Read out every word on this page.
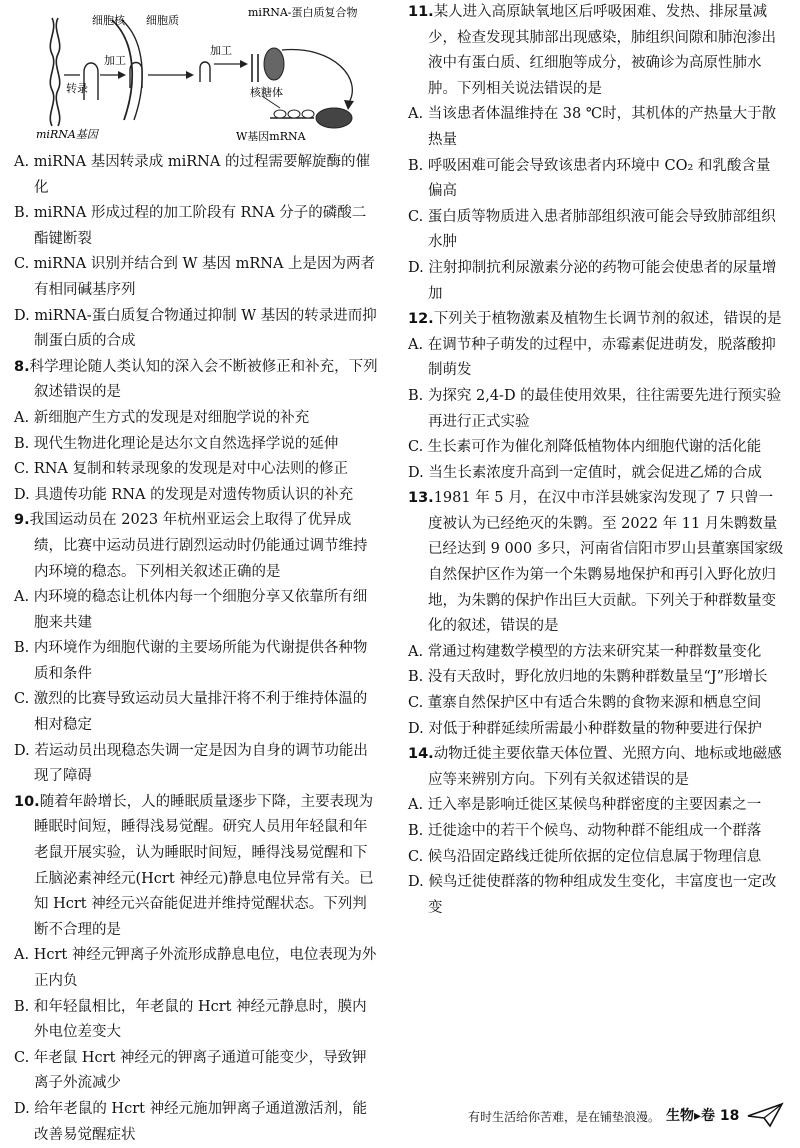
转录
细胞核 细胞质
加工
加工
miRNA-蛋白质复合物
核糖体
miRNA基因	W基因mRNA

A. miRNA 基因转录成 miRNA 的过程需要解旋酶的催化

B. miRNA 形成过程的加工阶段有 RNA 分子的磷酸二酯键断裂

C. miRNA 识别并结合到 W 基因 mRNA 上是因为两者有相同碱基序列

D. miRNA-蛋白质复合物通过抑制 W 基因的转录进而抑制蛋白质的合成

8.科学理论随人类认知的深入会不断被修正和补充，下列叙述错误的是

A. 新细胞产生方式的发现是对细胞学说的补充

B. 现代生物进化理论是达尔文自然选择学说的延伸

C. RNA 复制和转录现象的发现是对中心法则的修正

D. 具遗传功能 RNA 的发现是对遗传物质认识的补充

9.我国运动员在 2023 年杭州亚运会上取得了优异成绩，比赛中运动员进行剧烈运动时仍能通过调节维持内环境的稳态。下列相关叙述正确的是

A. 内环境的稳态让机体内每一个细胞分享又依靠所有细胞来共建

B. 内环境作为细胞代谢的主要场所能为代谢提供各种物质和条件

C. 激烈的比赛导致运动员大量排汗将不利于维持体温的相对稳定

D. 若运动员出现稳态失调一定是因为自身的调节功能出现了障碍

10.随着年龄增长，人的睡眠质量逐步下降，主要表现为睡眠时间短，睡得浅易觉醒。研究人员用年轻鼠和年老鼠开展实验，认为睡眠时间短，睡得浅易觉醒和下丘脑泌素神经元(Hcrt 神经元)静息电位异常有关。已知 Hcrt 神经元兴奋能促进并维持觉醒状态。下列判断不合理的是

A. Hcrt 神经元钾离子外流形成静息电位，电位表现为外正内负

B. 和年轻鼠相比，年老鼠的 Hcrt 神经元静息时，膜内外电位差变大

C. 年老鼠 Hcrt 神经元的钾离子通道可能变少，导致钾离子外流减少

D. 给年老鼠的 Hcrt 神经元施加钾离子通道激活剂，能改善易觉醒症状

11.某人进入高原缺氧地区后呼吸困难、发热、排尿量减少，检查发现其肺部出现感染，肺组织间隙和肺泡渗出液中有蛋白质、红细胞等成分，被确诊为高原性肺水肿。下列相关说法错误的是

A. 当该患者体温维持在 38 ℃时，其机体的产热量大于散热量

B. 呼吸困难可能会导致该患者内环境中 CO₂ 和乳酸含量偏高

C. 蛋白质等物质进入患者肺部组织液可能会导致肺部组织水肿

D. 注射抑制抗利尿激素分泌的药物可能会使患者的尿量增加

12.下列关于植物激素及植物生长调节剂的叙述，错误的是

A. 在调节种子萌发的过程中，赤霉素促进萌发，脱落酸抑制萌发

B. 为探究 2,4-D 的最佳使用效果，往往需要先进行预实验再进行正式实验

C. 生长素可作为催化剂降低植物体内细胞代谢的活化能

D. 当生长素浓度升高到一定值时，就会促进乙烯的合成

13.1981 年 5 月，在汉中市洋县姚家沟发现了 7 只曾一度被认为已经绝灭的朱鹮。至 2022 年 11 月朱鹮数量已经达到 9 000 多只，河南省信阳市罗山县董寨国家级自然保护区作为第一个朱鹮易地保护和再引入野化放归地，为朱鹮的保护作出巨大贡献。下列关于种群数量变化的叙述，错误的是

A. 常通过构建数学模型的方法来研究某一种群数量变化

B. 没有天敌时，野化放归地的朱鹮种群数量呈“J”形增长

C. 董寨自然保护区中有适合朱鹮的食物来源和栖息空间

D. 对低于种群延续所需最小种群数量的物种要进行保护

14.动物迁徙主要依靠天体位置、光照方向、地标或地磁感应等来辨别方向。下列有关叙述错误的是

A. 迁入率是影响迁徙区某候鸟种群密度的主要因素之一

B. 迁徙途中的若干个候鸟、动物种群不能组成一个群落

C. 候鸟沿固定路线迁徙所依据的定位信息属于物理信息

D. 候鸟迁徙使群落的物种组成发生变化，丰富度也一定改变

有时生活给你苦难，是在铺垫浪漫。 生物▸卷 18
